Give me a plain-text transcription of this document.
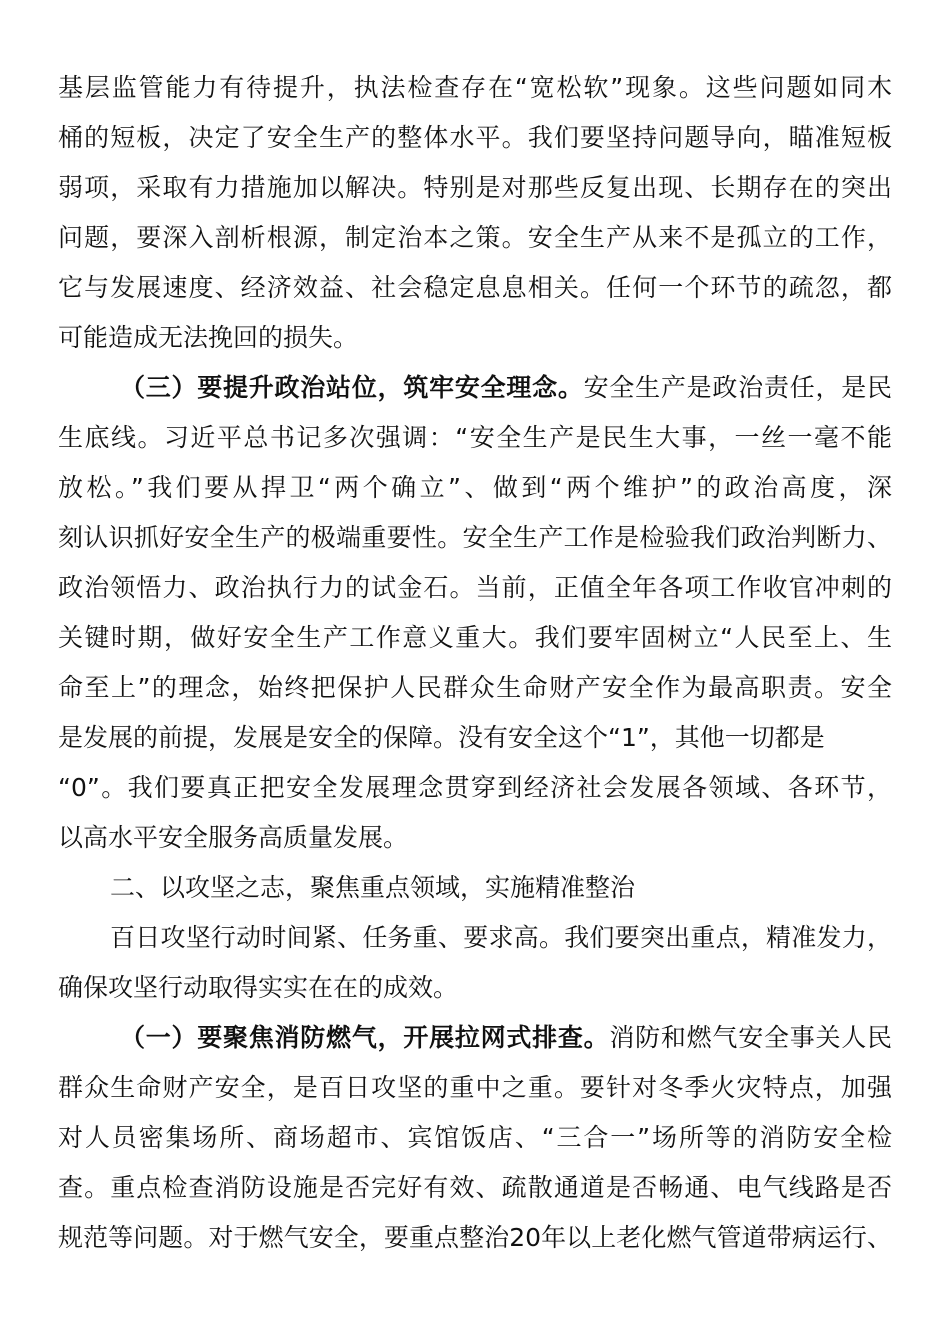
基层监管能力有待提升，执法检查存在“宽松软”现象。这些问题如同木
桶的短板，决定了安全生产的整体水平。我们要坚持问题导向，瞄准短板
弱项，采取有力措施加以解决。特别是对那些反复出现、长期存在的突出
问题，要深入剖析根源，制定治本之策。安全生产从来不是孤立的工作，
它与发展速度、经济效益、社会稳定息息相关。任何一个环节的疏忽，都
可能造成无法挽回的损失。
（三）要提升政治站位，筑牢安全理念。安全生产是政治责任，是民
生底线。习近平总书记多次强调：“安全生产是民生大事，一丝一毫不能
放松。”我们要从捍卫“两个确立”、做到“两个维护”的政治高度，深
刻认识抓好安全生产的极端重要性。安全生产工作是检验我们政治判断力、
政治领悟力、政治执行力的试金石。当前，正值全年各项工作收官冲刺的
关键时期，做好安全生产工作意义重大。我们要牢固树立“人民至上、生
命至上”的理念，始终把保护人民群众生命财产安全作为最高职责。安全
是发展的前提，发展是安全的保障。没有安全这个“1”，其他一切都是
“0”。我们要真正把安全发展理念贯穿到经济社会发展各领域、各环节，
以高水平安全服务高质量发展。
二、以攻坚之志，聚焦重点领域，实施精准整治
百日攻坚行动时间紧、任务重、要求高。我们要突出重点，精准发力，
确保攻坚行动取得实实在在的成效。
（一）要聚焦消防燃气，开展拉网式排查。消防和燃气安全事关人民
群众生命财产安全，是百日攻坚的重中之重。要针对冬季火灾特点，加强
对人员密集场所、商场超市、宾馆饭店、“三合一”场所等的消防安全检
查。重点检查消防设施是否完好有效、疏散通道是否畅通、电气线路是否
规范等问题。对于燃气安全，要重点整治20年以上老化燃气管道带病运行、
